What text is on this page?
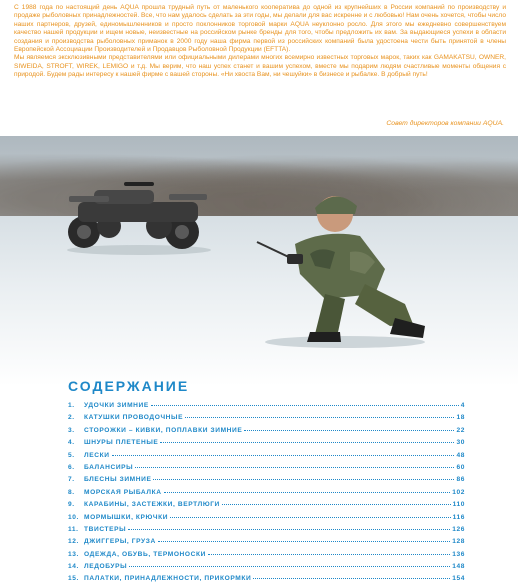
С 1988 года по настоящий день AQUA прошла трудный путь от маленького кооператива до одной из крупнейших в России компаний по производству и продаже рыболовных принадлежностей. Все, что нам удалось сделать за эти годы, мы делали для вас искренне и с любовью! Нам очень хочется, чтобы число наших партнеров, друзей, единомышленников и просто поклонников торговой марки AQUA неуклонно росло. Для этого мы ежедневно совершенствуем качество нашей продукции и ищем новые, неизвестные на российском рынке бренды для того, чтобы предложить их вам. За выдающиеся успехи в области создания и производства рыболовных приманок в 2000 году наша фирма первой из российских компаний была удостоена чести быть принятой в члены Европейской Ассоциации Производителей и Продавцов Рыболовной Продукции (EFTTA).

Мы являемся эксклюзивными представителями или официальными дилерами многих всемирно известных торговых марок, таких как GAMAKATSU, OWNER, SIWEIDA, STROFT, WIREK, LEMIGO и т.д. Мы верим, что наш успех станет и вашим успехом, вместе мы подарим людям счастливые моменты общения с природой. Будем рады интересу к нашей фирме с вашей стороны. «Ни хвоста Вам, ни чешуйки» в бизнесе и рыбалке. В добрый путь!

Совет директоров компании AQUA.
СОДЕРЖАНИЕ
1.	УДОЧКИ ЗИМНИЕ	4
2.	КАТУШКИ ПРОВОДОЧНЫЕ	18
3.	СТОРОЖКИ – КИВКИ, ПОПЛАВКИ ЗИМНИЕ	22
4.	ШНУРЫ ПЛЕТЕНЫЕ	30
5.	ЛЕСКИ	48
6.	БАЛАНСИРЫ	60
7.	БЛЕСНЫ ЗИМНИЕ	86
8.	МОРСКАЯ РЫБАЛКА	102
9.	КАРАБИНЫ, ЗАСТЕЖКИ, ВЕРТЛЮГИ	110
10. МОРМЫШКИ, КРЮЧКИ	116
11. ТВИСТЕРЫ	126
12. ДЖИГГЕРЫ, ГРУЗА	128
13. ОДЕЖДА, ОБУВЬ, ТЕРМОНОСКИ	136
14. ЛЕДОБУРЫ	148
15. ПАЛАТКИ, ПРИНАДЛЕЖНОСТИ, ПРИКОРМКИ	154
